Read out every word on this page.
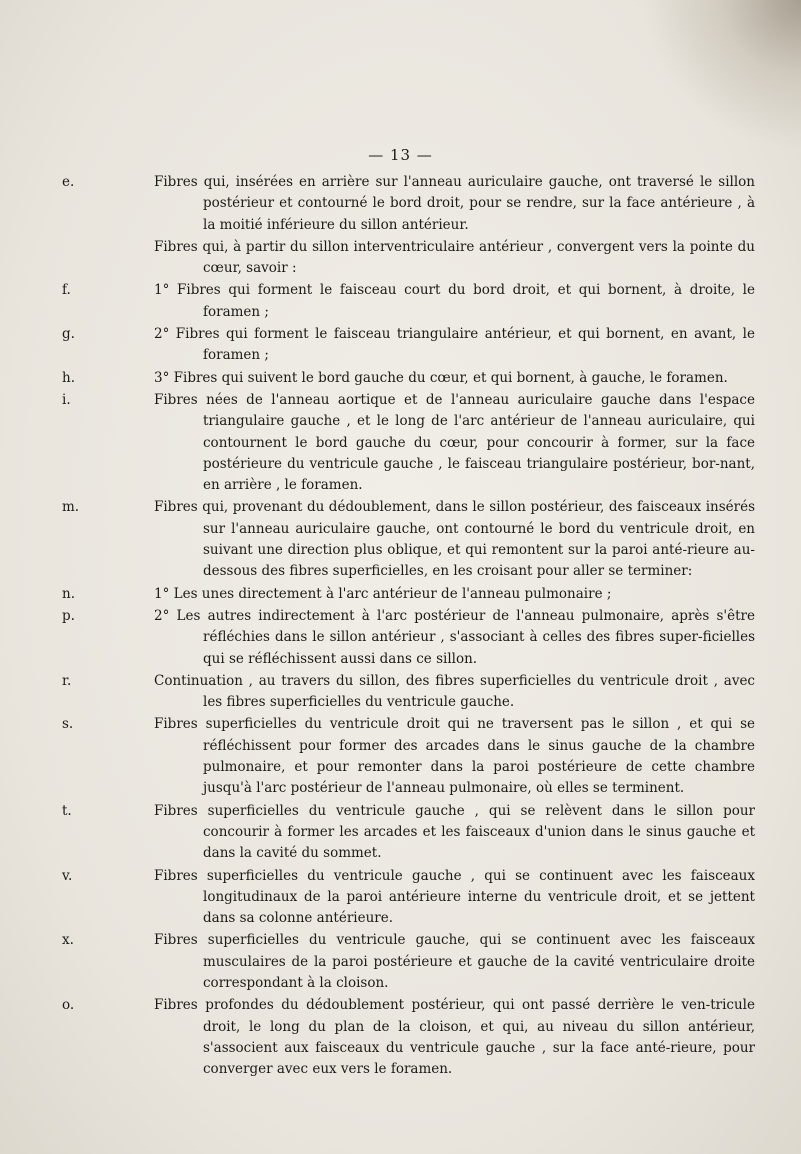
— 13 —
e.	Fibres qui, insérées en arrière sur l'anneau auriculaire gauche, ont traversé le sillon postérieur et contourné le bord droit, pour se rendre, sur la face antérieure , à la moitié inférieure du sillon antérieur.
Fibres qui, à partir du sillon interventriculaire antérieur , convergent vers la pointe du cœur, savoir :
f.	1° Fibres qui forment le faisceau court du bord droit, et qui bornent, à droite, le foramen ;
g.	2° Fibres qui forment le faisceau triangulaire antérieur, et qui bornent, en avant, le foramen ;
h.	3° Fibres qui suivent le bord gauche du cœur, et qui bornent, à gauche, le foramen.
i.	Fibres nées de l'anneau aortique et de l'anneau auriculaire gauche dans l'espace triangulaire gauche , et le long de l'arc antérieur de l'anneau auriculaire, qui contournent le bord gauche du cœur, pour concourir à former, sur la face postérieure du ventricule gauche , le faisceau triangulaire postérieur, bor-nant, en arrière , le foramen.
m.	Fibres qui, provenant du dédoublement, dans le sillon postérieur, des faisceaux insérés sur l'anneau auriculaire gauche, ont contourné le bord du ventricule droit, en suivant une direction plus oblique, et qui remontent sur la paroi anté-rieure au-dessous des fibres superficielles, en les croisant pour aller se terminer:
n.	1° Les unes directement à l'arc antérieur de l'anneau pulmonaire ;
p.	2° Les autres indirectement à l'arc postérieur de l'anneau pulmonaire, après s'être réfléchies dans le sillon antérieur , s'associant à celles des fibres super-ficielles qui se réfléchissent aussi dans ce sillon.
r.	Continuation , au travers du sillon, des fibres superficielles du ventricule droit , avec les fibres superficielles du ventricule gauche.
s.	Fibres superficielles du ventricule droit qui ne traversent pas le sillon , et qui se réfléchissent pour former des arcades dans le sinus gauche de la chambre pulmonaire, et pour remonter dans la paroi postérieure de cette chambre jusqu'à l'arc postérieur de l'anneau pulmonaire, où elles se terminent.
t.	Fibres superficielles du ventricule gauche , qui se relèvent dans le sillon pour concourir à former les arcades et les faisceaux d'union dans le sinus gauche et dans la cavité du sommet.
v.	Fibres superficielles du ventricule gauche , qui se continuent avec les faisceaux longitudinaux de la paroi antérieure interne du ventricule droit, et se jettent dans sa colonne antérieure.
x.	Fibres superficielles du ventricule gauche, qui se continuent avec les faisceaux musculaires de la paroi postérieure et gauche de la cavité ventriculaire droite correspondant à la cloison.
o.	Fibres profondes du dédoublement postérieur, qui ont passé derrière le ven-tricule droit, le long du plan de la cloison, et qui, au niveau du sillon antérieur, s'associent aux faisceaux du ventricule gauche , sur la face anté-rieure, pour converger avec eux vers le foramen.
